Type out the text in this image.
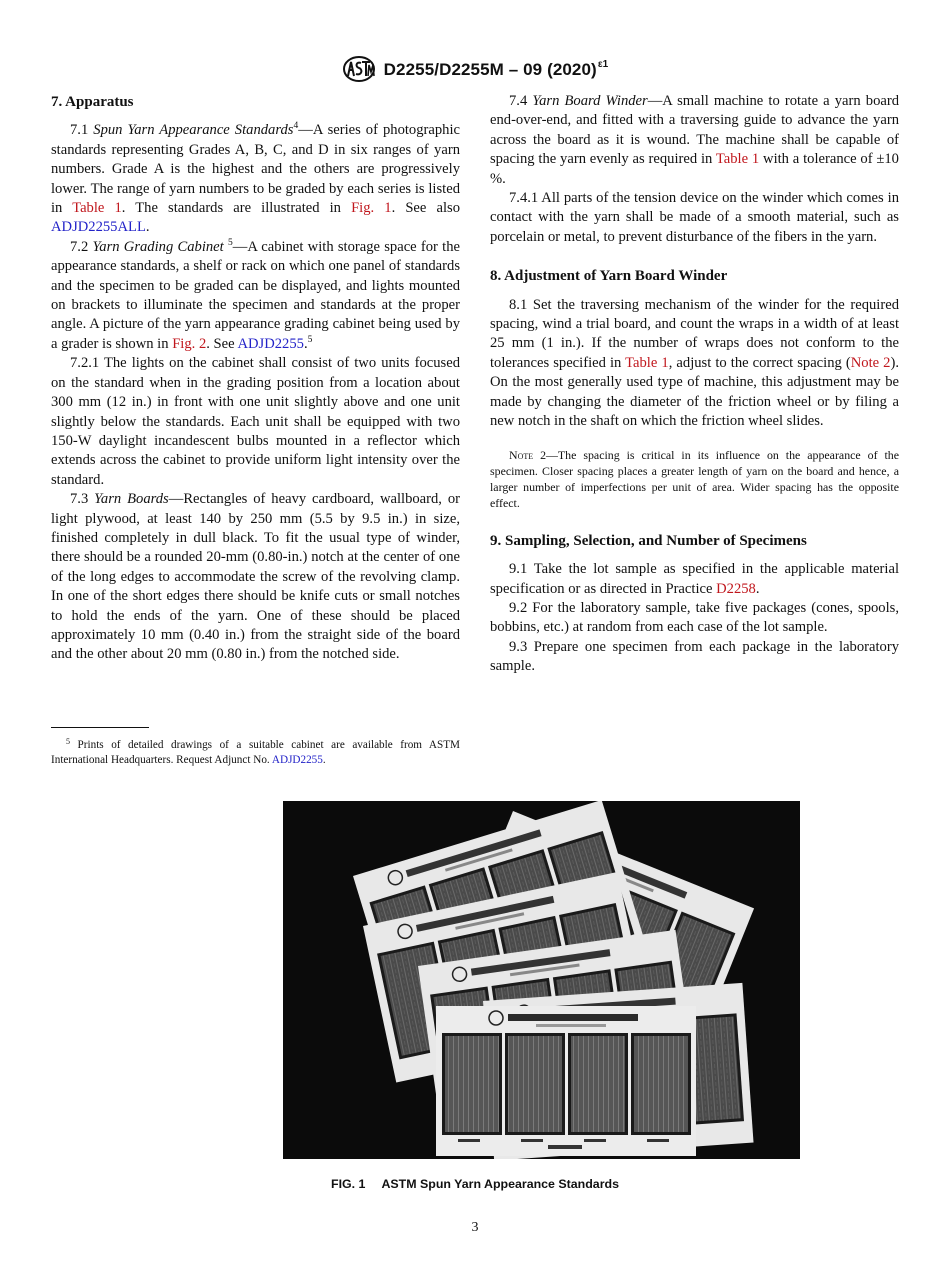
D2255/D2255M – 09 $(2020)^{\varepsilon 1}$
7. Apparatus
7.1 Spun Yarn Appearance Standards$^4$—A series of photographic standards representing Grades A, B, C, and D in six ranges of yarn numbers. Grade A is the highest and the others are progressively lower. The range of yarn numbers to be graded by each series is listed in Table 1. The standards are illustrated in Fig. 1. See also ADJD2255ALL.
7.2 Yarn Grading Cabinet $^5$—A cabinet with storage space for the appearance standards, a shelf or rack on which one panel of standards and the specimen to be graded can be displayed, and lights mounted on brackets to illuminate the specimen and standards at the proper angle. A picture of the yarn appearance grading cabinet being used by a grader is shown in Fig. 2. See ADJD2255.$^5$
7.2.1 The lights on the cabinet shall consist of two units focused on the standard when in the grading position from a location about 300 mm (12 in.) in front with one unit slightly above and one unit slightly below the standards. Each unit shall be equipped with two 150-W daylight incandescent bulbs mounted in a reflector which extends across the cabinet to provide uniform light intensity over the standard.
7.3 Yarn Boards—Rectangles of heavy cardboard, wallboard, or light plywood, at least 140 by 250 mm (5.5 by 9.5 in.) in size, finished completely in dull black. To fit the usual type of winder, there should be a rounded 20-mm (0.80-in.) notch at the center of one of the long edges to accommodate the screw of the revolving clamp. In one of the short edges there should be knife cuts or small notches to hold the ends of the yarn. One of these should be placed approximately 10 mm (0.40 in.) from the straight side of the board and the other about 20 mm (0.80 in.) from the notched side.
$^5$ Prints of detailed drawings of a suitable cabinet are available from ASTM International Headquarters. Request Adjunct No. ADJD2255.
7.4 Yarn Board Winder—A small machine to rotate a yarn board end-over-end, and fitted with a traversing guide to advance the yarn across the board as it is wound. The machine shall be capable of spacing the yarn evenly as required in Table 1 with a tolerance of ±10 %.
7.4.1 All parts of the tension device on the winder which comes in contact with the yarn shall be made of a smooth material, such as porcelain or metal, to prevent disturbance of the fibers in the yarn.
8. Adjustment of Yarn Board Winder
8.1 Set the traversing mechanism of the winder for the required spacing, wind a trial board, and count the wraps in a width of at least 25 mm (1 in.). If the number of wraps does not conform to the tolerances specified in Table 1, adjust to the correct spacing (Note 2). On the most generally used type of machine, this adjustment may be made by changing the diameter of the friction wheel or by filing a new notch in the shaft on which the friction wheel slides.
Note 2—The spacing is critical in its influence on the appearance of the specimen. Closer spacing places a greater length of yarn on the board and hence, a larger number of imperfections per unit of area. Wider spacing has the opposite effect.
9. Sampling, Selection, and Number of Specimens
9.1 Take the lot sample as specified in the applicable material specification or as directed in Practice D2258.
9.2 For the laboratory sample, take five packages (cones, spools, bobbins, etc.) at random from each case of the lot sample.
9.3 Prepare one specimen from each package in the laboratory sample.
FIG. 1 ASTM Spun Yarn Appearance Standards
3
